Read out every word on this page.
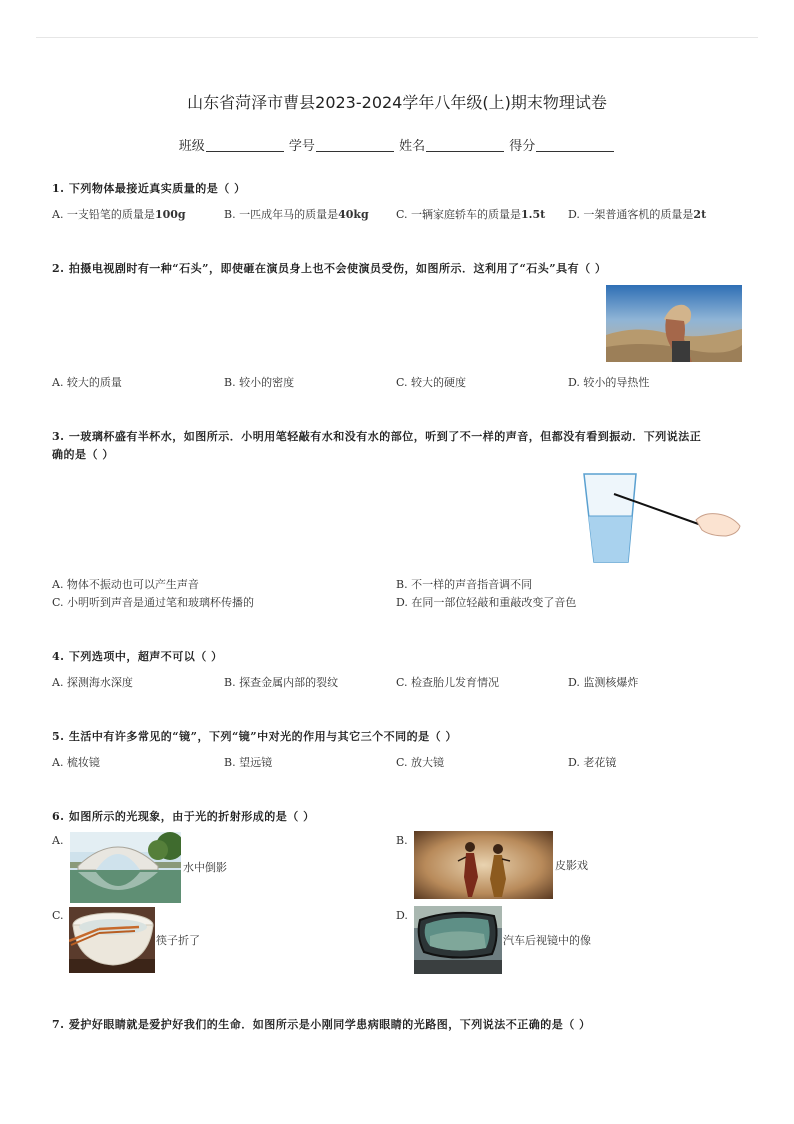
山东省菏泽市曹县2023-2024学年八年级(上)期末物理试卷
班级	学号	姓名	得分
1. 下列物体最接近真实质量的是（ ）
A. 一支铅笔的质量是100g	B. 一匹成年马的质量是40kg C. 一辆家庭轿车的质量是1.5t D. 一架普通客机的质量是2t
2. 拍摄电视剧时有一种“石头”，即使砸在演员身上也不会使演员受伤，如图所示．这利用了“石头”具有（ ）
A. 较大的质量	B. 较小的密度	C. 较大的硬度	D. 较小的导热性
3. 一玻璃杯盛有半杯水，如图所示．小明用笔轻敲有水和没有水的部位，听到了不一样的声音，但都没有看到振动．下列说法正
确的是（ ）
A. 物体不振动也可以产生声音	B. 不一样的声音指音调不同
C. 小明听到声音是通过笔和玻璃杯传播的	D. 在同一部位轻敲和重敲改变了音色
4. 下列选项中，超声不可以（ ）
A. 探测海水深度	B. 探查金属内部的裂纹	C. 检查胎儿发育情况	D. 监测核爆炸
5. 生活中有许多常见的“镜”，下列“镜”中对光的作用与其它三个不同的是（ ）
A. 梳妆镜	B. 望远镜	C. 放大镜	D. 老花镜
6. 如图所示的光现象，由于光的折射形成的是（ ）
A.
水中倒影
B.
皮影戏
C.
筷子折了
D.
汽车后视镜中的像
7. 爱护好眼睛就是爱护好我们的生命．如图所示是小刚同学患病眼睛的光路图，下列说法不正确的是（ ）
